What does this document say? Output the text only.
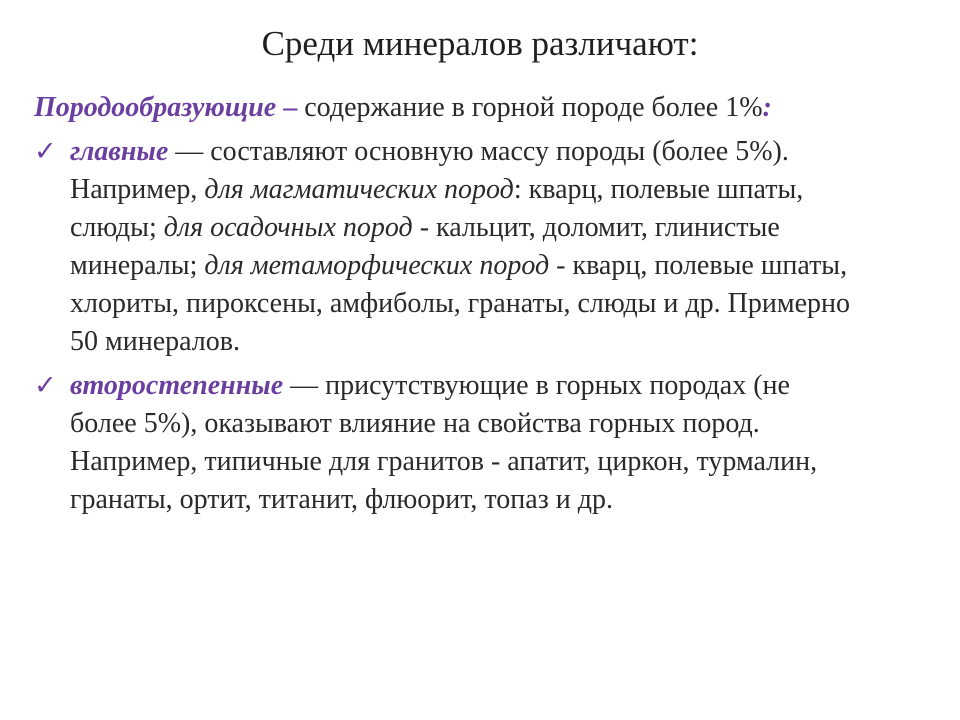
Среди минералов различают:
Породообразующие – содержание в горной породе более 1%:
✓ главные — составляют основную массу породы (более 5%).
Например, для магматических пород: кварц, полевые шпаты,
слюды; для осадочных пород - кальцит, доломит, глинистые
минералы; для метаморфических пород - кварц, полевые шпаты,
хлориты, пироксены, амфиболы, гранаты, слюды и др. Примерно
50 минералов.
✓ второстепенные — присутствующие в горных породах (не
более 5%), оказывают влияние на свойства горных пород.
Например, типичные для гранитов - апатит, циркон, турмалин,
гранаты, ортит, титанит, флюорит, топаз и др.
